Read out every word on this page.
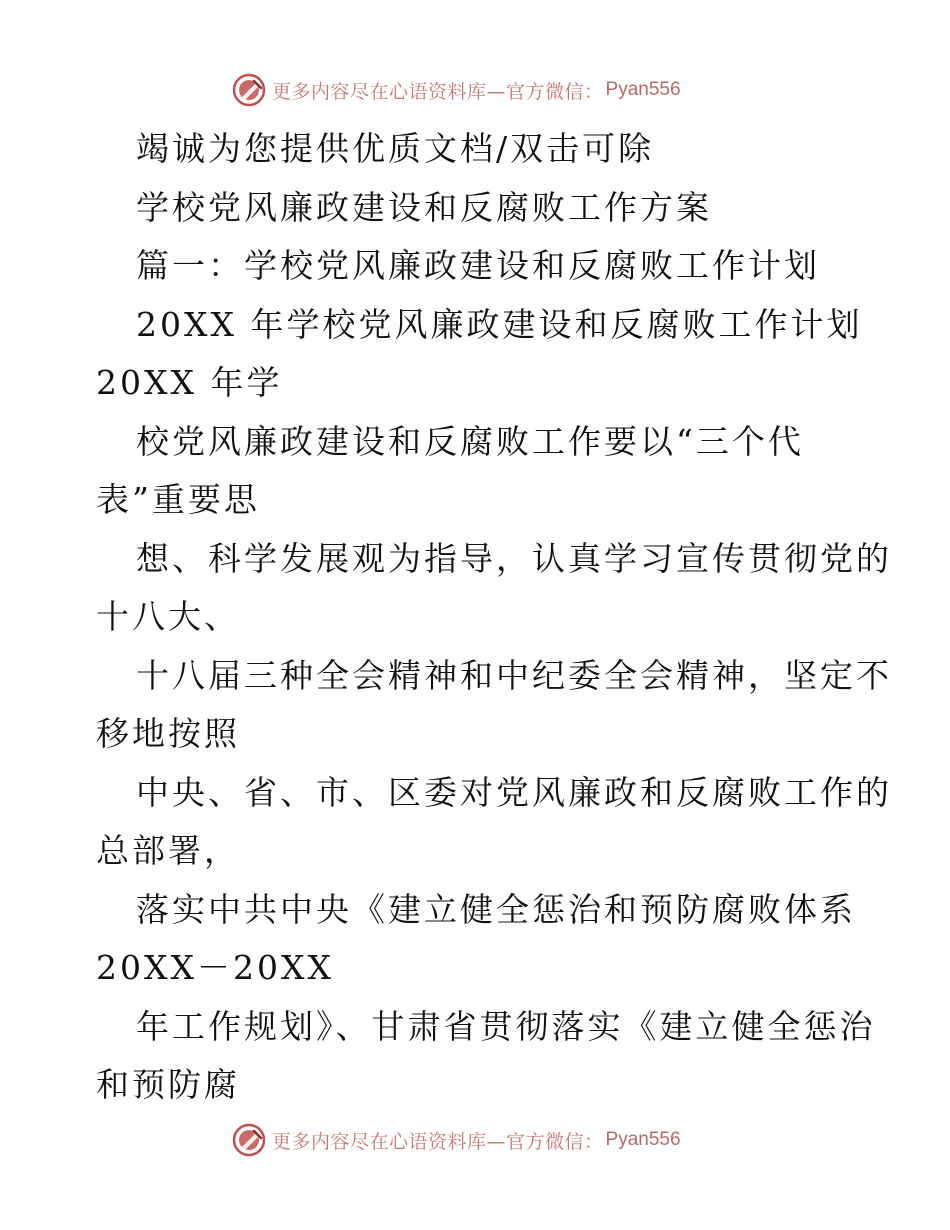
更多内容尽在心语资料库—官方微信： Pyan556
竭诚为您提供优质文档/双击可除
学校党风廉政建设和反腐败工作方案
篇一：学校党风廉政建设和反腐败工作计划
20XX 年学校党风廉政建设和反腐败工作计划
20XX 年学
校党风廉政建设和反腐败工作要以“三个代
表”重要思
想、科学发展观为指导，认真学习宣传贯彻党的
十八大、
十八届三种全会精神和中纪委全会精神，坚定不
移地按照
中央、省、市、区委对党风廉政和反腐败工作的
总部署，
落实中共中央《建立健全惩治和预防腐败体系
20XX－20XX
年工作规划》、甘肃省贯彻落实《建立健全惩治
和预防腐
更多内容尽在心语资料库—官方微信： Pyan556
